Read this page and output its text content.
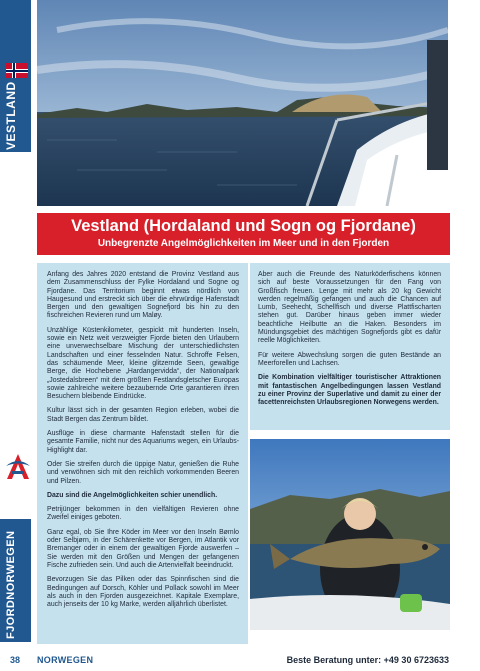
VESTLAND
FJORDNORWEGEN
Vestland (Hordaland und Sogn og Fjordane)
Unbegrenzte Angelmöglichkeiten im Meer und in den Fjorden

Anfang des Jahres 2020 entstand die Provinz Vestland aus dem Zusammenschluss der Fylke Hordaland und Sogne og Fjordane. Das Territorium beginnt etwas nördlich von Haugesund und erstreckt sich über die ehrwürdige Hafenstadt Bergen und den gewaltigen Sognefjord bis hin zu den fischreichen Revieren rund um Maløy.

Unzählige Küstenkilometer, gespickt mit hunderten Inseln, sowie ein Netz weit verzweigter Fjorde bieten den Urlaubern eine unverwechselbare Mischung der unterschiedlichsten Landschaften und einer fesselnden Natur. Schroffe Felsen, das schäumende Meer, kleine glitzernde Seen, gewaltige Berge, die Hochebene „Hardangervidda“, der Nationalpark „Jostedalsbreen“ mit dem größten Festlandsgletscher Europas sowie zahlreiche weitere bezaubernde Orte garantieren ihren Besuchern bleibende Eindrücke.

Kultur lässt sich in der gesamten Region erleben, wobei die Stadt Bergen das Zentrum bildet.

Ausflüge in diese charmante Hafenstadt stellen für die gesamte Familie, nicht nur des Aquariums wegen, ein Urlaubs-Highlight dar.

Oder Sie streifen durch die üppige Natur, genießen die Ruhe und verwöhnen sich mit den reichlich vorkommenden Beeren und Pilzen.

Dazu sind die Angelmöglichkeiten schier unendlich.

Petrijünger bekommen in den vielfältigen Revieren ohne Zweifel einiges geboten.

Ganz egal, ob Sie Ihre Köder im Meer vor den Inseln Bømlo oder Selbjørn, in der Schärenkette vor Bergen, im Atlantik vor Bremanger oder in einem der gewaltigen Fjorde auswerfen – Sie werden mit den Größen und Mengen der gefangenen Fische zufrieden sein. Und auch die Artenvielfalt beeindruckt.

Bevorzugen Sie das Pilken oder das Spinnfischen sind die Bedingungen auf Dorsch, Köhler und Pollack sowohl im Meer als auch in den Fjorden ausgezeichnet. Kapitale Exemplare, auch jenseits der 10 kg Marke, werden alljährlich überlistet.

Aber auch die Freunde des Naturköderfischens können sich auf beste Voraussetzungen für den Fang von Großfisch freuen. Lenge mit mehr als 20 kg Gewicht werden regelmäßig gefangen und auch die Chancen auf Lumb, Seehecht, Schellfisch und diverse Plattfischarten stehen gut. Darüber hinaus geben immer wieder beachtliche Heilbutte an die Haken. Besonders im Mündungsgebiet des mächtigen Sognefjords gibt es dafür reelle Möglichkeiten.

Für weitere Abwechslung sorgen die guten Bestände an Meerforellen und Lachsen.

Die Kombination vielfältiger touristischer Attraktionen mit fantastischen Angelbedingungen lassen Vestland zu einer Provinz der Superlative und damit zu einer der facettenreichsten Urlaubsregionen Norwegens werden.

38 NORWEGEN	Beste Beratung unter: +49 30 6723633
